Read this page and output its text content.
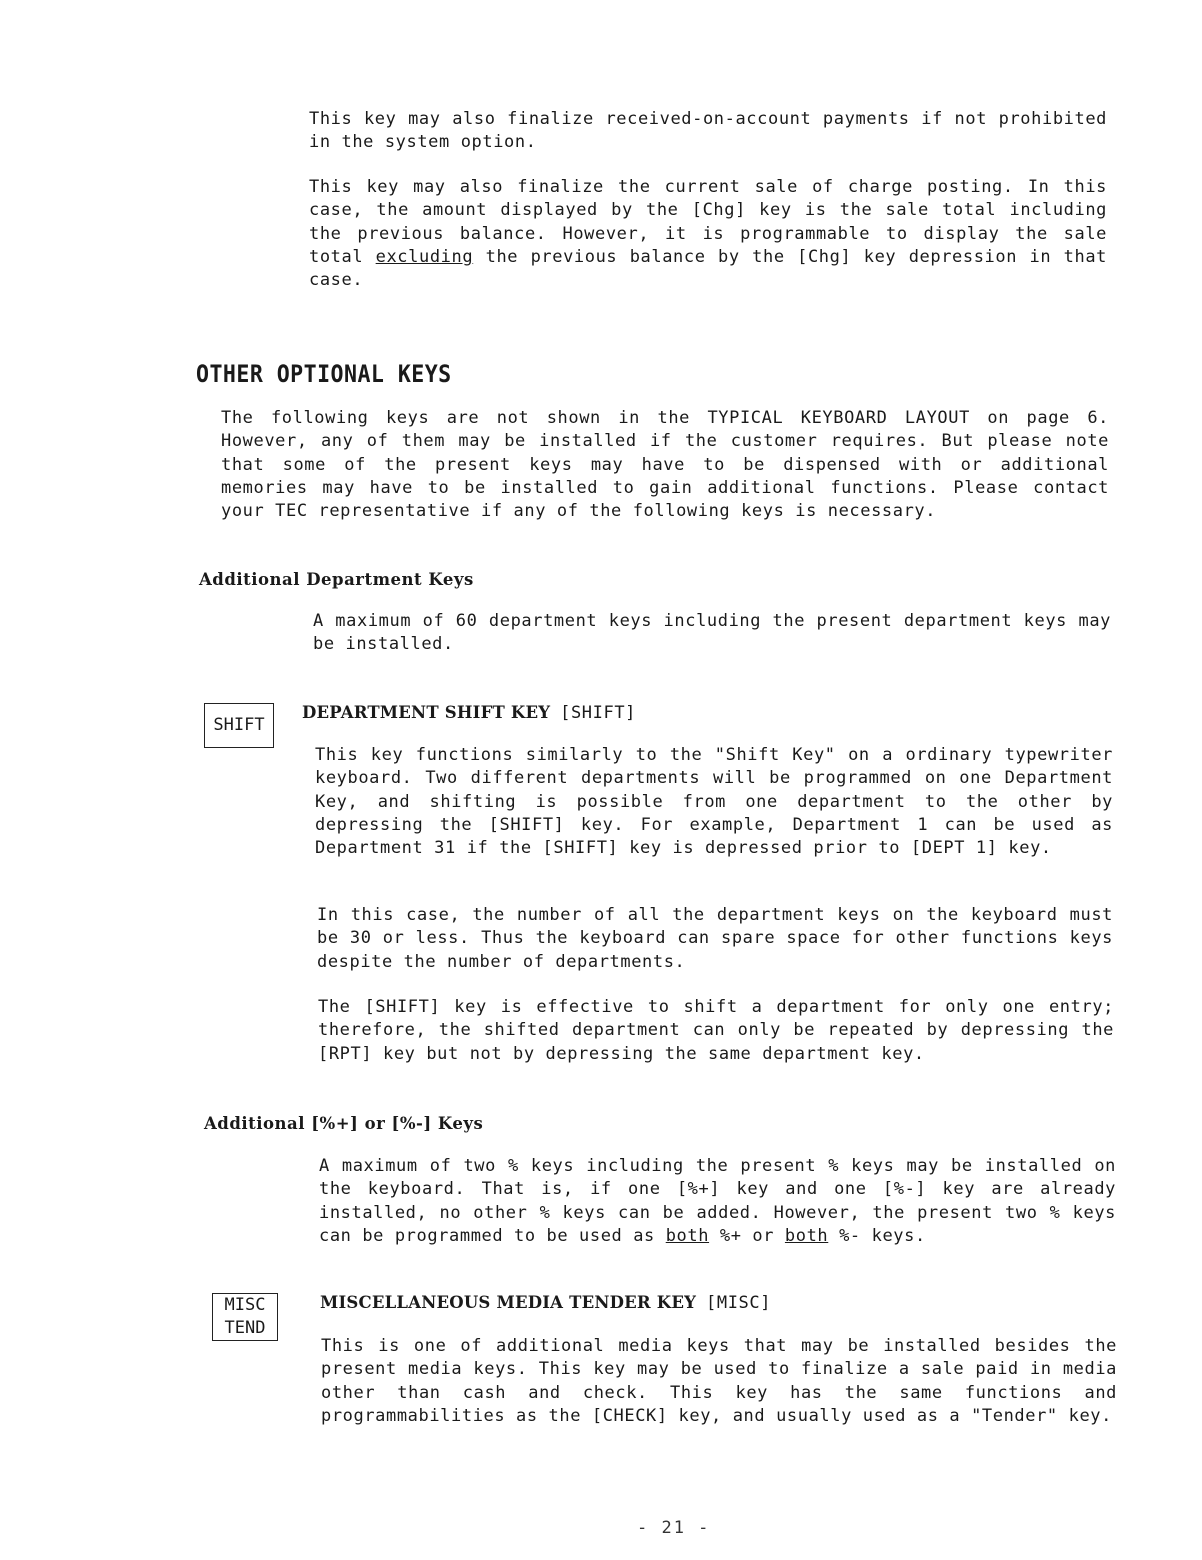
This key may also finalize received-on-account payments if not prohibited in the system option.

This key may also finalize the current sale of charge posting. In this case, the amount displayed by the [Chg] key is the sale total including the previous balance. However, it is programmable to display the sale total excluding the previous balance by the [Chg] key depression in that case.

OTHER OPTIONAL KEYS

The following keys are not shown in the TYPICAL KEYBOARD LAYOUT on page 6. However, any of them may be installed if the customer requires. But please note that some of the present keys may have to be dispensed with or additional memories may have to be installed to gain additional functions. Please contact your TEC representative if any of the following keys is necessary.

Additional Department Keys

A maximum of 60 department keys including the present department keys may be installed.

SHIFT

DEPARTMENT SHIFT KEY [SHIFT]

This key functions similarly to the "Shift Key" on a ordinary typewriter keyboard. Two different departments will be programmed on one Department Key, and shifting is possible from one department to the other by depressing the [SHIFT] key. For example, Department 1 can be used as Department 31 if the [SHIFT] key is depressed prior to [DEPT 1] key.

In this case, the number of all the department keys on the keyboard must be 30 or less. Thus the keyboard can spare space for other functions keys despite the number of departments.

The [SHIFT] key is effective to shift a department for only one entry; therefore, the shifted department can only be repeated by depressing the [RPT] key but not by depressing the same department key.

Additional [%+] or [%-] Keys

A maximum of two % keys including the present % keys may be installed on the keyboard. That is, if one [%+] key and one [%-] key are already installed, no other % keys can be added. However, the present two % keys can be programmed to be used as both %+ or both %- keys.

MISC
TEND

MISCELLANEOUS MEDIA TENDER KEY [MISC]

This is one of additional media keys that may be installed besides the present media keys. This key may be used to finalize a sale paid in media other than cash and check. This key has the same functions and programmabilities as the [CHECK] key, and usually used as a "Tender" key.

- 21 -
